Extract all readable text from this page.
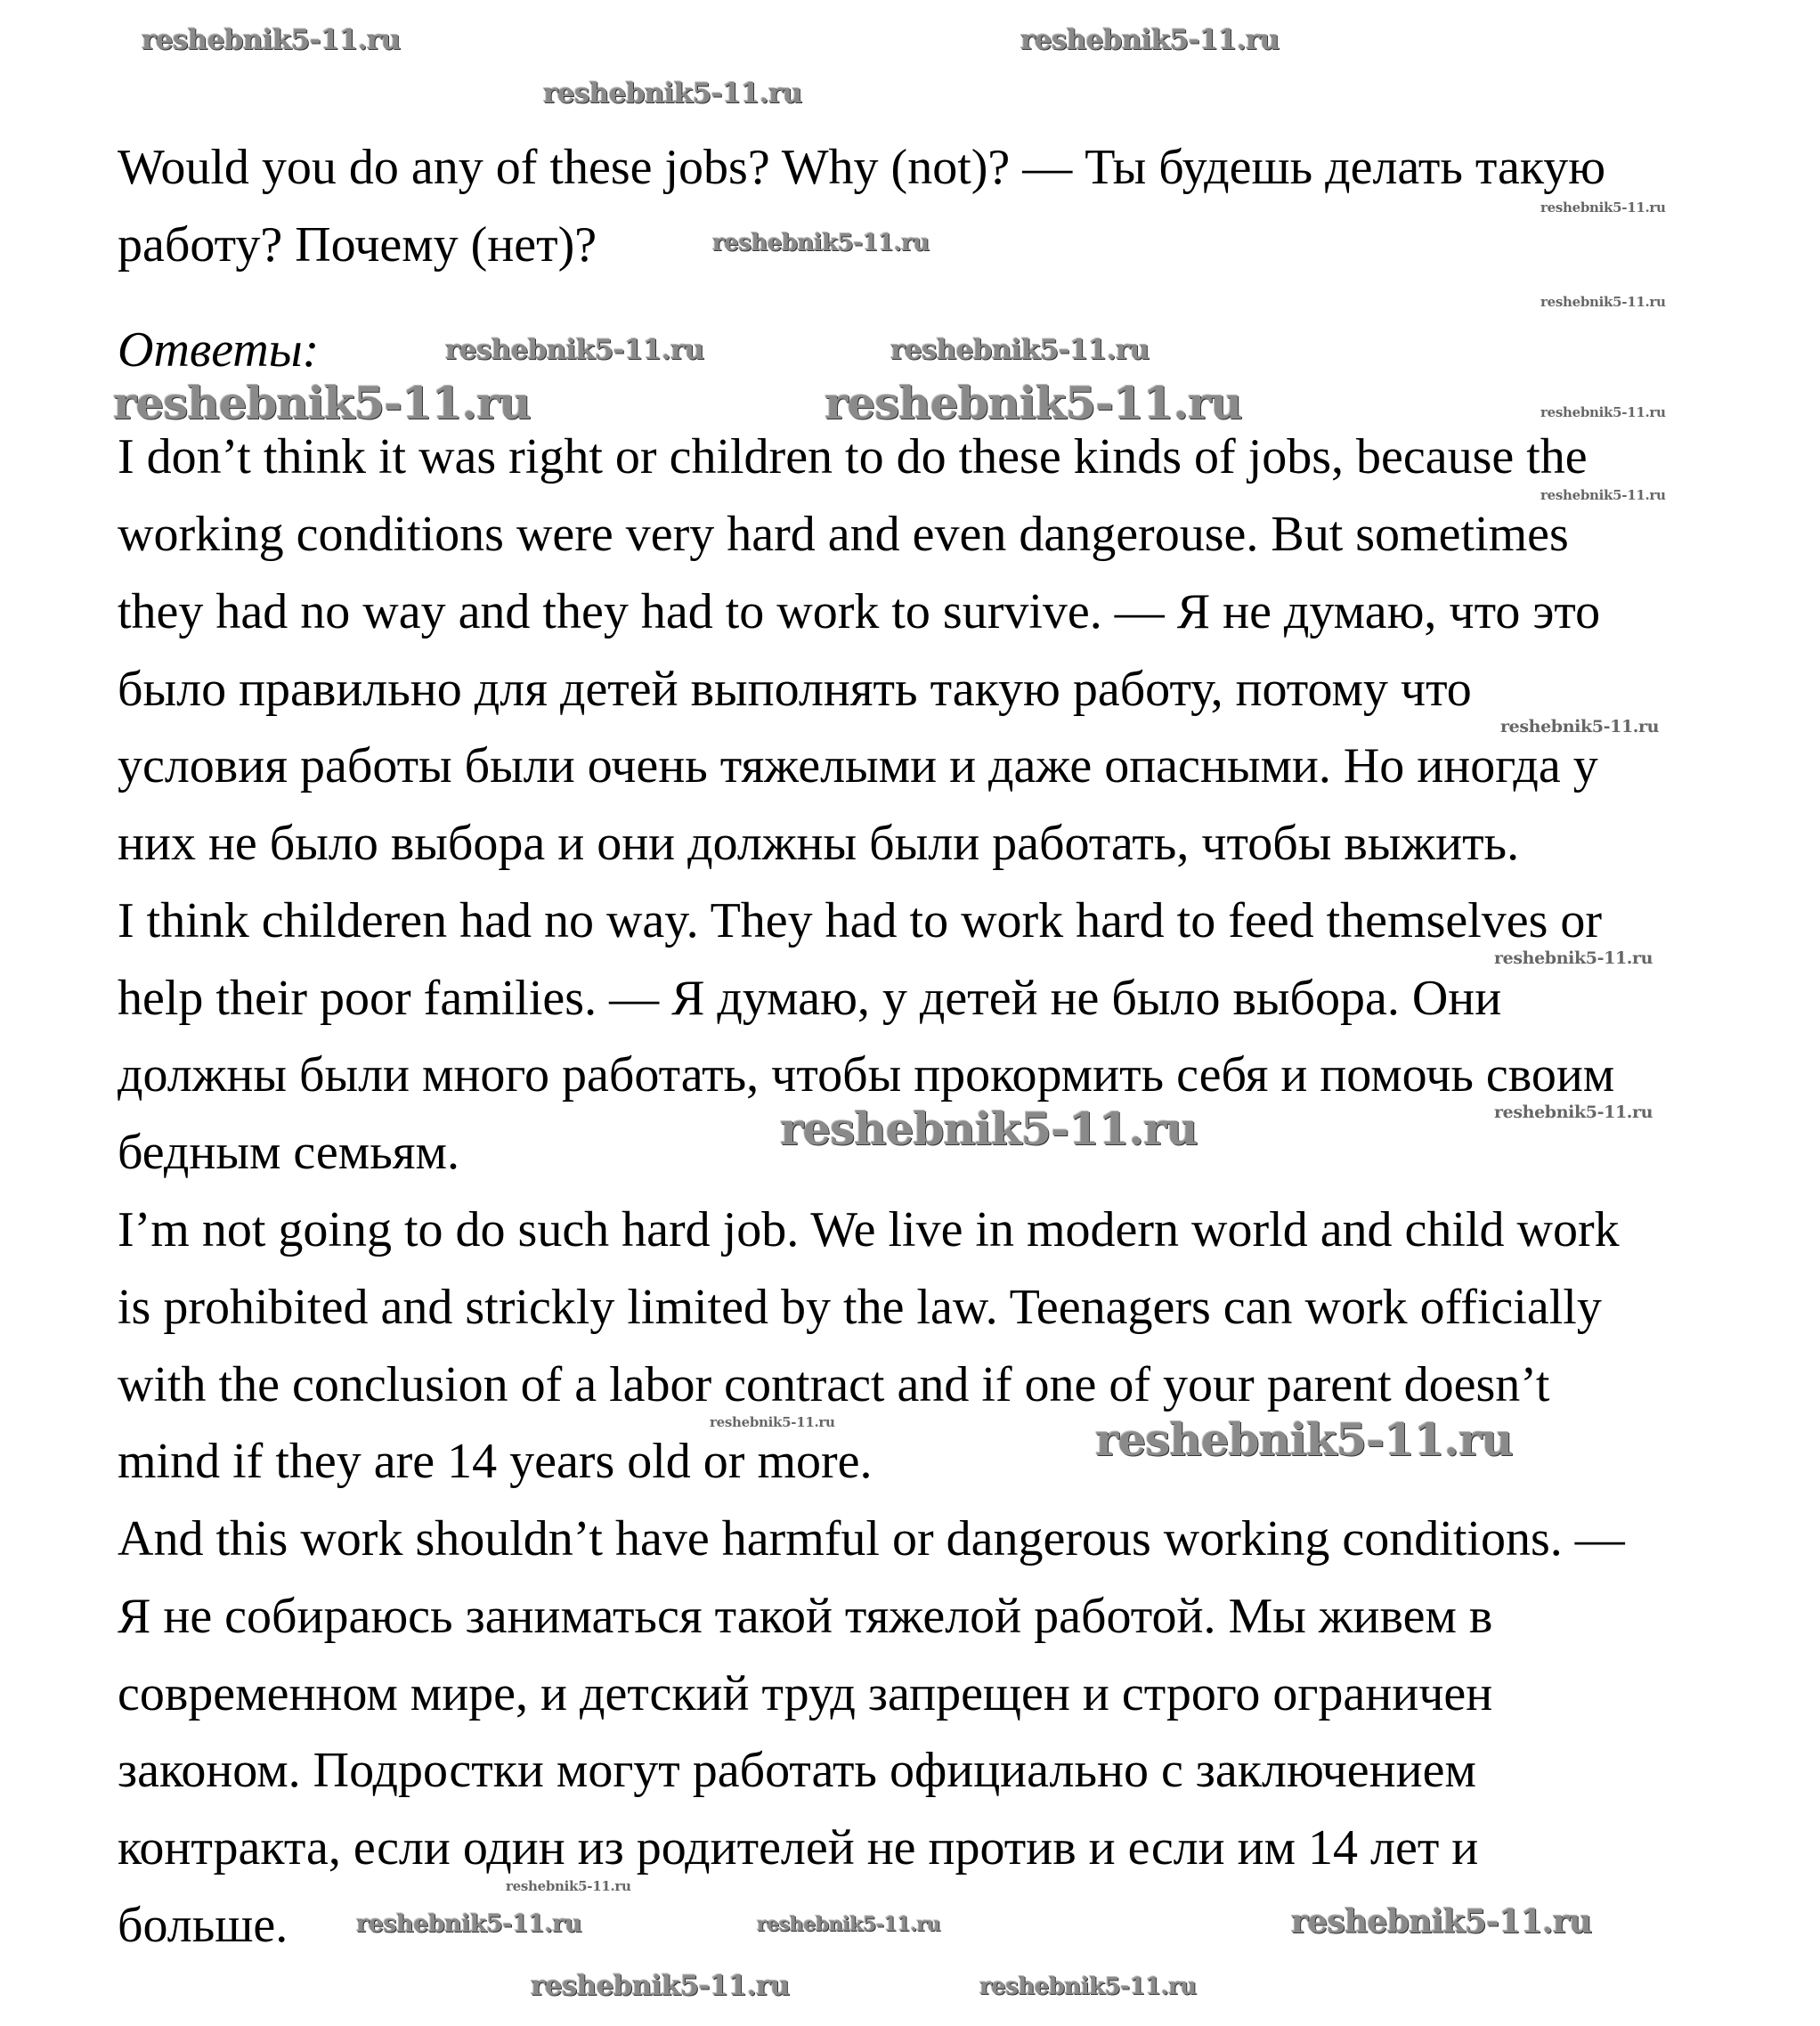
Would you do any of these jobs? Why (not)? — Ты будешь делать такую
работу? Почему (нет)?
Ответы:
I don’t think it was right or children to do these kinds of jobs, because the
working conditions were very hard and even dangerouse. But sometimes
they had no way and they had to work to survive. — Я не думаю, что это
было правильно для детей выполнять такую работу, потому что
условия работы были очень тяжелыми и даже опасными. Но иногда у
них не было выбора и они должны были работать, чтобы выжить.
I think childeren had no way. They had to work hard to feed themselves or
help their poor families. — Я думаю, у детей не было выбора. Они
должны были много работать, чтобы прокормить себя и помочь своим
бедным семьям.
I’m not going to do such hard job. We live in modern world and child work
is prohibited and strickly limited by the law. Teenagers can work officially
with the conclusion of a labor contract and if one of your parent doesn’t
mind if they are 14 years old or more.
And this work shouldn’t have harmful or dangerous working conditions. —
Я не собираюсь заниматься такой тяжелой работой. Мы живем в
современном мире, и детский труд запрещен и строго ограничен
законом. Подростки могут работать официально с заключением
контракта, если один из родителей не против и если им 14 лет и
больше.
reshebnik5-11.ru	reshebnik5-11.ru
reshebnik5-11.ru
reshebnik5-11.ru
reshebnik5-11.ru
reshebnik5-11.ru	reshebnik5-11.ru
reshebnik5-11.ru
reshebnik5-11.ru
reshebnik5-11.ru	reshebnik5-11.ru
reshebnik5-11.ru
reshebnik5-11.ru
reshebnik5-11.ru
reshebnik5-11.ru
reshebnik5-11.ru
reshebnik5-11.ru
reshebnik5-11.ru
reshebnik5-11.ru
reshebnik5-11.ru
reshebnik5-11.ru
reshebnik5-11.ru
reshebnik5-11.ru
reshebnik5-11.ru
